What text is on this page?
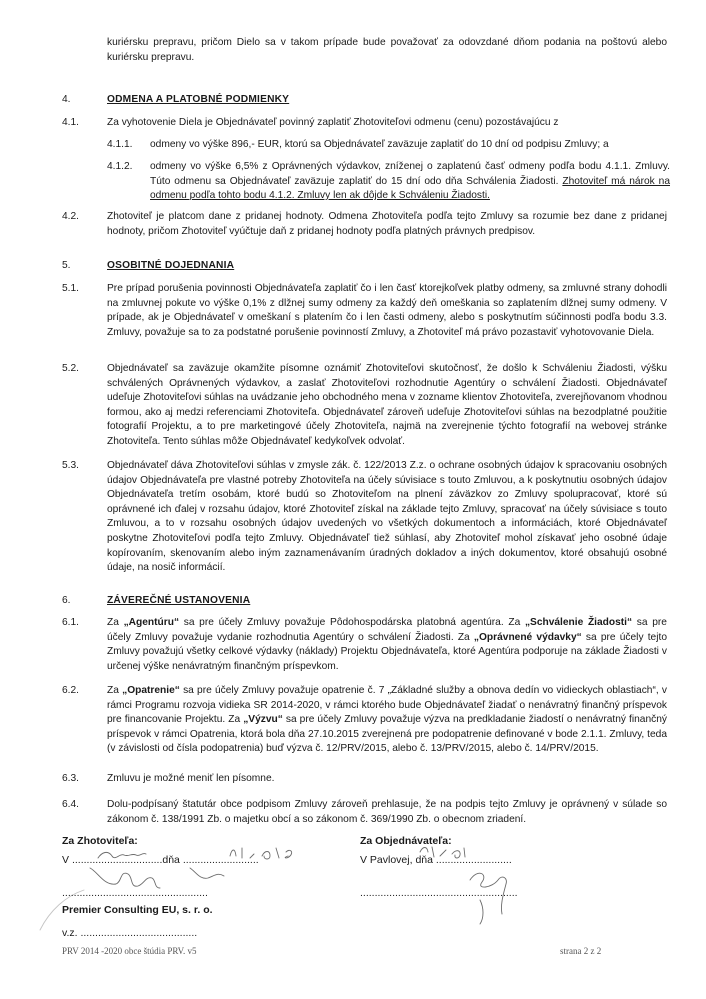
kuriérsku prepravu, pričom Dielo sa v takom prípade bude považovať za odovzdané dňom podania na poštovú alebo kuriérsku prepravu.
4.	ODMENA A PLATOBNÉ PODMIENKY
4.1.	Za vyhotovenie Diela je Objednávateľ povinný zaplatiť Zhotoviteľovi odmenu (cenu) pozostávajúcu z
4.1.1.	odmeny vo výške 896,- EUR, ktorú sa Objednávateľ zaväzuje zaplatiť do 10 dní od podpisu Zmluvy; a
4.1.2.	odmeny vo výške 6,5% z Oprávnených výdavkov, zníženej o zaplatenú časť odmeny podľa bodu 4.1.1. Zmluvy. Túto odmenu sa Objednávateľ zaväzuje zaplatiť do 15 dní odo dňa Schválenia Žiadosti. Zhotoviteľ má nárok na odmenu podľa tohto bodu 4.1.2. Zmluvy len ak dôjde k Schváleniu Žiadosti.
4.2.	Zhotoviteľ je platcom dane z pridanej hodnoty. Odmena Zhotoviteľa podľa tejto Zmluvy sa rozumie bez dane z pridanej hodnoty, pričom Zhotoviteľ vyúčtuje daň z pridanej hodnoty podľa platných právnych predpisov.
5.	OSOBITNÉ DOJEDNANIA
5.1.	Pre prípad porušenia povinnosti Objednávateľa zaplatiť čo i len časť ktorejkoľvek platby odmeny, sa zmluvné strany dohodli na zmluvnej pokute vo výške 0,1% z dlžnej sumy odmeny za každý deň omeškania so zaplatením dlžnej sumy odmeny. V prípade, ak je Objednávateľ v omeškaní s platením čo i len časti odmeny, alebo s poskytnutím súčinnosti podľa bodu 3.3. Zmluvy, považuje sa to za podstatné porušenie povinností Zmluvy, a Zhotoviteľ má právo pozastaviť vyhotovovanie Diela.
5.2.	Objednávateľ sa zaväzuje okamžite písomne oznámiť Zhotoviteľovi skutočnosť, že došlo k Schváleniu Žiadosti, výšku schválených Oprávnených výdavkov, a zaslať Zhotoviteľovi rozhodnutie Agentúry o schválení Žiadosti. Objednávateľ udeľuje Zhotoviteľovi súhlas na uvádzanie jeho obchodného mena v zozname klientov Zhotoviteľa, zverejňovanom vhodnou formou, ako aj medzi referenciami Zhotoviteľa. Objednávateľ zároveň udeľuje Zhotoviteľovi súhlas na bezodplatné použitie fotografií Projektu, a to pre marketingové účely Zhotoviteľa, najmä na zverejnenie týchto fotografií na webovej stránke Zhotoviteľa. Tento súhlas môže Objednávateľ kedykoľvek odvolať.
5.3.	Objednávateľ dáva Zhotoviteľovi súhlas v zmysle zák. č. 122/2013 Z.z. o ochrane osobných údajov k spracovaniu osobných údajov Objednávateľa pre vlastné potreby Zhotoviteľa na účely súvisiace s touto Zmluvou, a k poskytnutiu osobných údajov Objednávateľa tretím osobám, ktoré budú so Zhotoviteľom na plnení záväzkov zo Zmluvy spolupracovať, ktoré sú oprávnené ich ďalej v rozsahu údajov, ktoré Zhotoviteľ získal na základe tejto Zmluvy, spracovať na účely súvisiace s touto Zmluvou, a to v rozsahu osobných údajov uvedených vo všetkých dokumentoch a informáciách, ktoré Objednávateľ poskytne Zhotoviteľovi podľa tejto Zmluvy. Objednávateľ tiež súhlasí, aby Zhotoviteľ mohol získavať jeho osobné údaje kopírovaním, skenovaním alebo iným zaznamenávaním úradných dokladov a iných dokumentov, ktoré obsahujú osobné údaje, na nosič informácií.
6.	ZÁVEREČNÉ USTANOVENIA
6.1.	Za „Agentúru“ sa pre účely Zmluvy považuje Pôdohospodárska platobná agentúra. Za „Schválenie Žiadosti“ sa pre účely Zmluvy považuje vydanie rozhodnutia Agentúry o schválení Žiadosti. Za „Oprávnené výdavky“ sa pre účely tejto Zmluvy považujú všetky celkové výdavky (náklady) Projektu Objednávateľa, ktoré Agentúra podporuje na základe Žiadosti v určenej výške nenávratným finančným príspevkom.
6.2.	Za „Opatrenie“ sa pre účely Zmluvy považuje opatrenie č. 7 „Základné služby a obnova dedín vo vidieckych oblastiach“, v rámci Programu rozvoja vidieka SR 2014-2020, v rámci ktorého bude Objednávateľ žiadať o nenávratný finančný príspevok pre financovanie Projektu. Za „Výzvu“ sa pre účely Zmluvy považuje výzva na predkladanie žiadostí o nenávratný finančný príspevok v rámci Opatrenia, ktorá bola dňa 27.10.2015 zverejnená pre podopatrenie definované v bode 2.1.1. Zmluvy, teda (v závislosti od čísla podopatrenia) buď výzva č. 12/PRV/2015, alebo č. 13/PRV/2015, alebo č. 14/PRV/2015.
6.3.	Zmluvu je možné meniť len písomne.
6.4.	Dolu-podpísaný štatutár obce podpisom Zmluvy zároveň prehlasuje, že na podpis tejto Zmluvy je oprávnený v súlade so zákonom č. 138/1991 Zb. o majetku obcí a so zákonom č. 369/1990 Zb. o obecnom zriadení.
Za Zhotoviteľa:
V ...............................dňa ..........................
..................................................
Premier Consulting EU, s. r. o.
v.z. ........................................
Za Objednávateľa:
V Pavlovej, dňa ..........................
......................................................
PRV 2014 -2020 obce štúdia PRV. v5	strana 2 z 2
